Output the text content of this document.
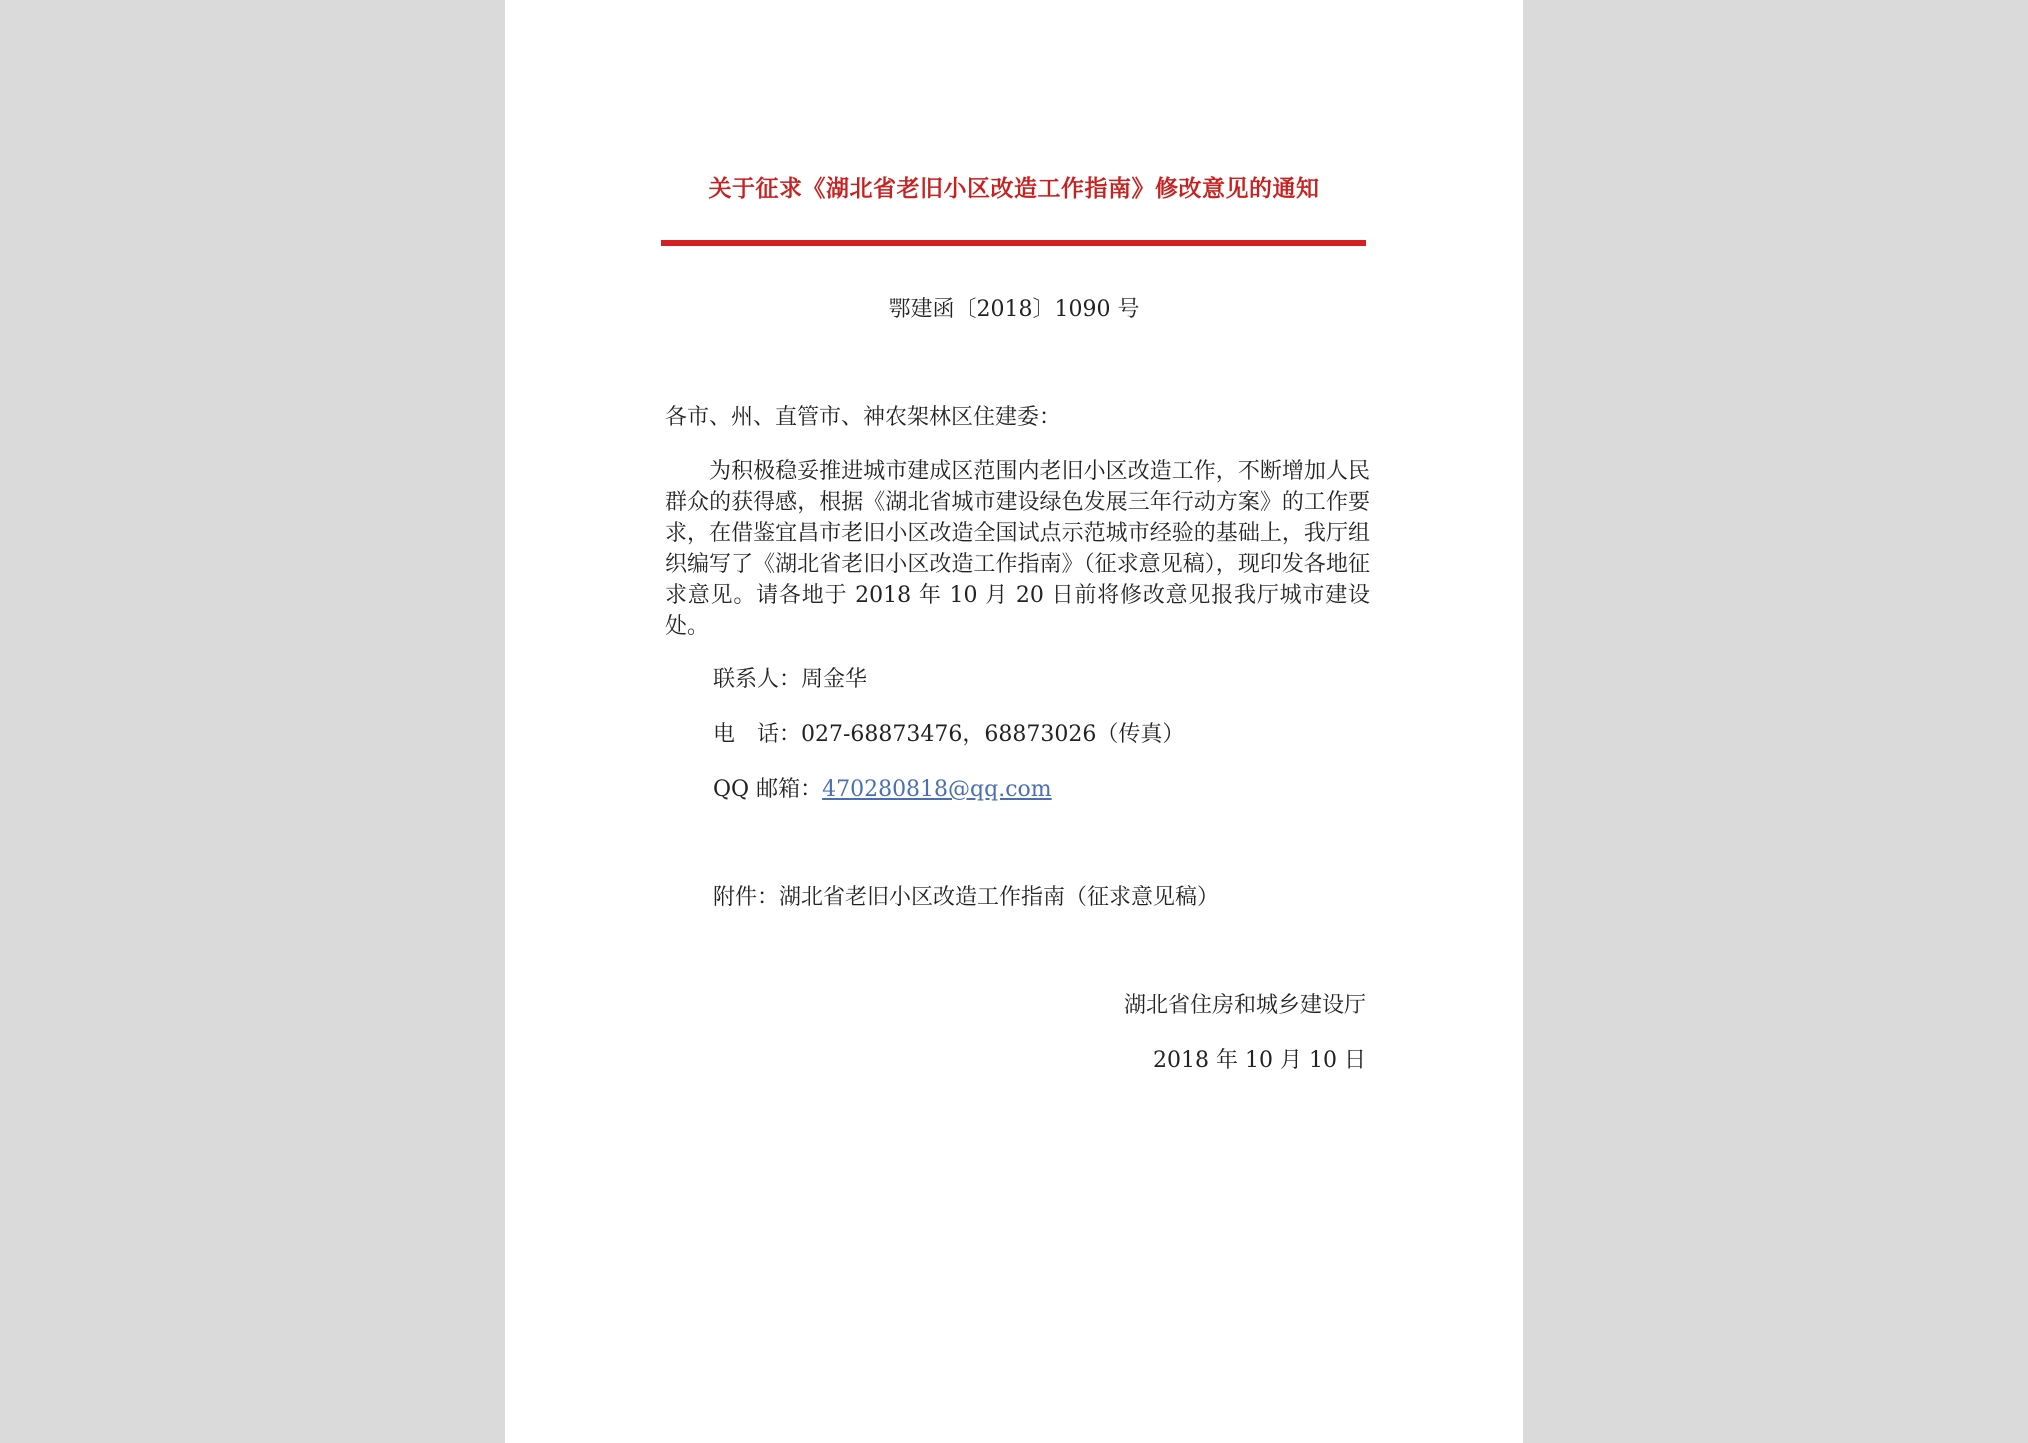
关于征求《湖北省老旧小区改造工作指南》修改意见的通知
鄂建函〔2018〕1090 号
各市、州、直管市、神农架林区住建委：
为积极稳妥推进城市建成区范围内老旧小区改造工作，不断增加人民群众的获得感，根据《湖北省城市建设绿色发展三年行动方案》的工作要求，在借鉴宜昌市老旧小区改造全国试点示范城市经验的基础上，我厅组织编写了《湖北省老旧小区改造工作指南》（征求意见稿），现印发各地征求意见。请各地于 2018 年 10 月 20 日前将修改意见报我厅城市建设处。
联系人：周金华
电　话：027-68873476，68873026（传真）
QQ 邮箱：470280818@qq.com
附件：湖北省老旧小区改造工作指南（征求意见稿）
湖北省住房和城乡建设厅
2018 年 10 月 10 日
